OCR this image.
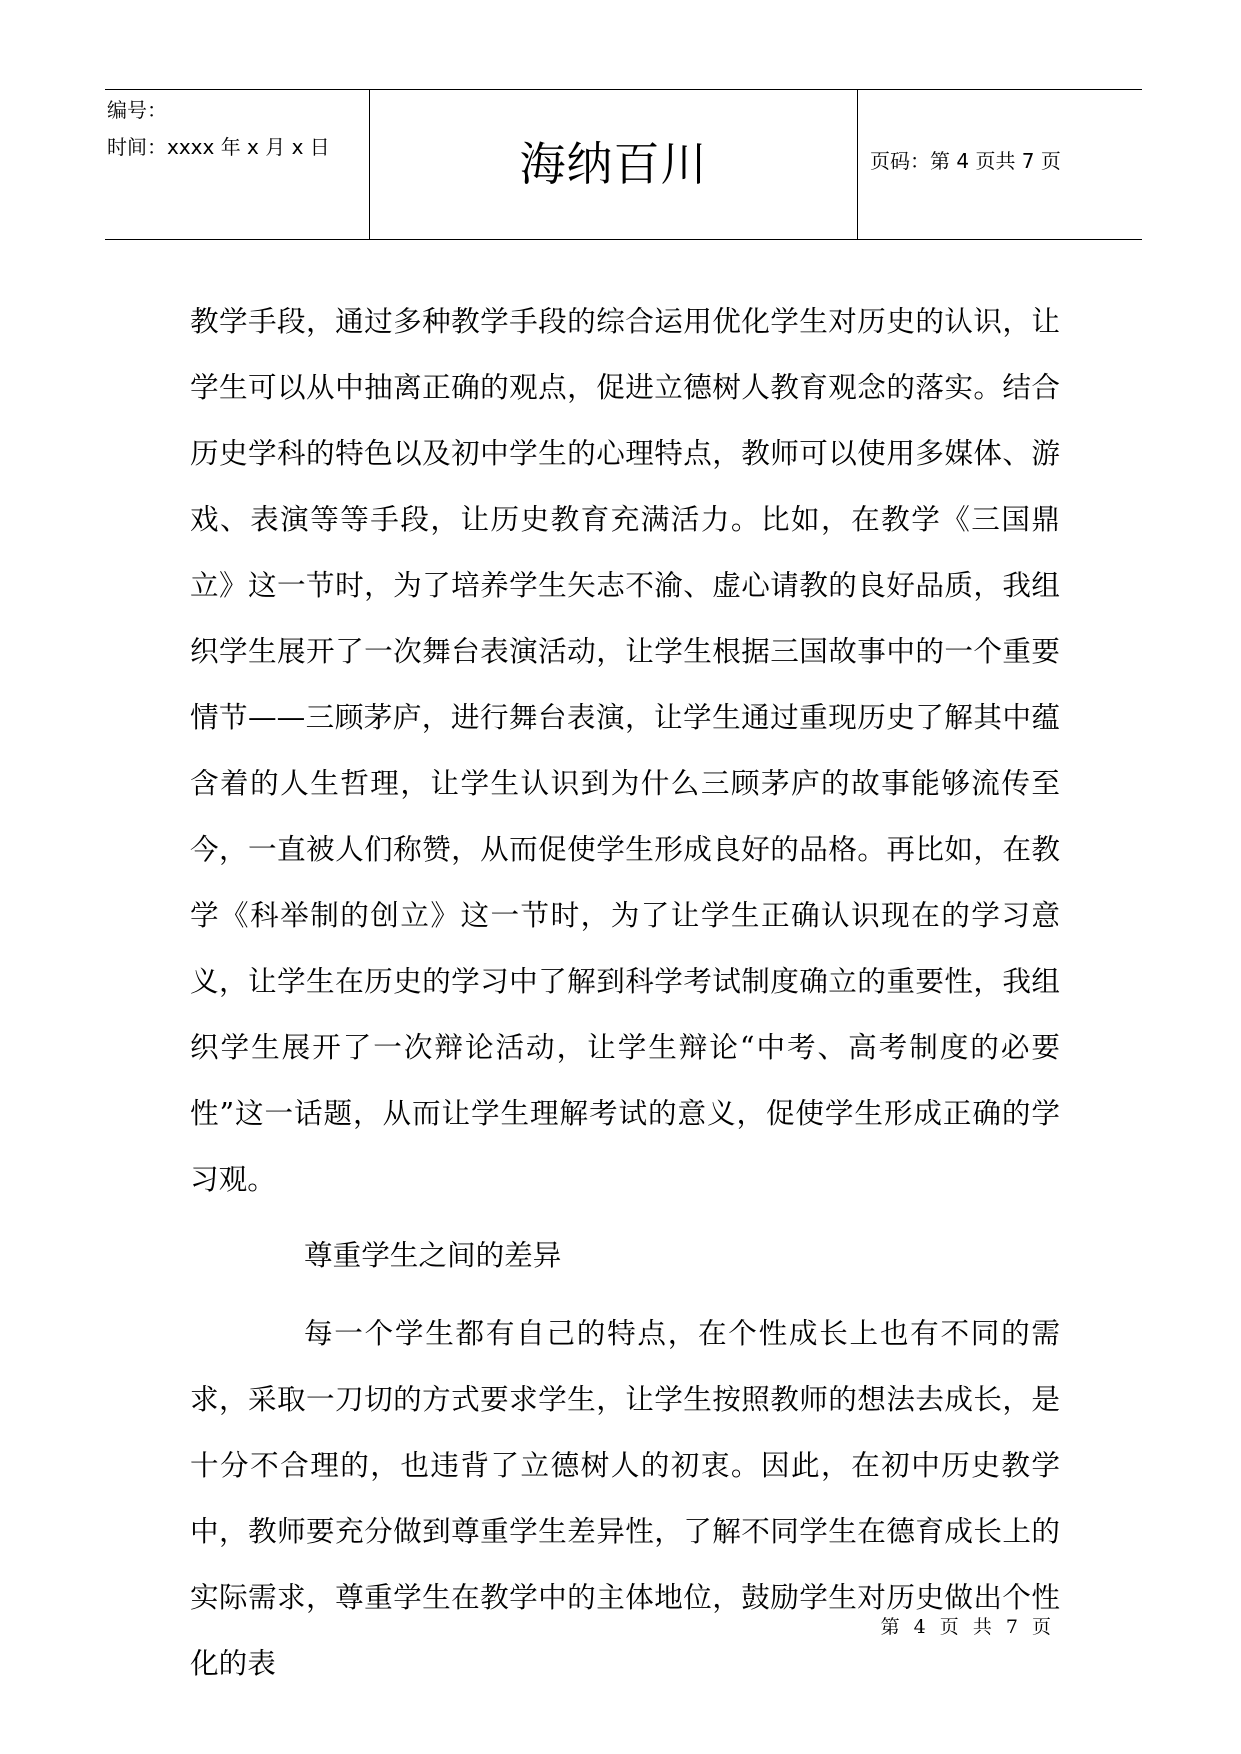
编号：
时间：xxxx 年 x 月 x 日	海纳百川	页码：第 4 页共 7 页

教学手段，通过多种教学手段的综合运用优化学生对历史的认识，让学生可以从中抽离正确的观点，促进立德树人教育观念的落实。结合历史学科的特色以及初中学生的心理特点，教师可以使用多媒体、游戏、表演等等手段，让历史教育充满活力。比如，在教学《三国鼎立》这一节时，为了培养学生矢志不渝、虚心请教的良好品质，我组织学生展开了一次舞台表演活动，让学生根据三国故事中的一个重要情节——三顾茅庐，进行舞台表演，让学生通过重现历史了解其中蕴含着的人生哲理，让学生认识到为什么三顾茅庐的故事能够流传至今，一直被人们称赞，从而促使学生形成良好的品格。再比如，在教学《科举制的创立》这一节时，为了让学生正确认识现在的学习意义，让学生在历史的学习中了解到科学考试制度确立的重要性，我组织学生展开了一次辩论活动，让学生辩论“中考、高考制度的必要性”这一话题，从而让学生理解考试的意义，促使学生形成正确的学习观。

尊重学生之间的差异

每一个学生都有自己的特点，在个性成长上也有不同的需求，采取一刀切的方式要求学生，让学生按照教师的想法去成长，是十分不合理的，也违背了立德树人的初衷。因此，在初中历史教学中，教师要充分做到尊重学生差异性，了解不同学生在德育成长上的实际需求，尊重学生在教学中的主体地位，鼓励学生对历史做出个性化的表

第 4 页 共 7 页
